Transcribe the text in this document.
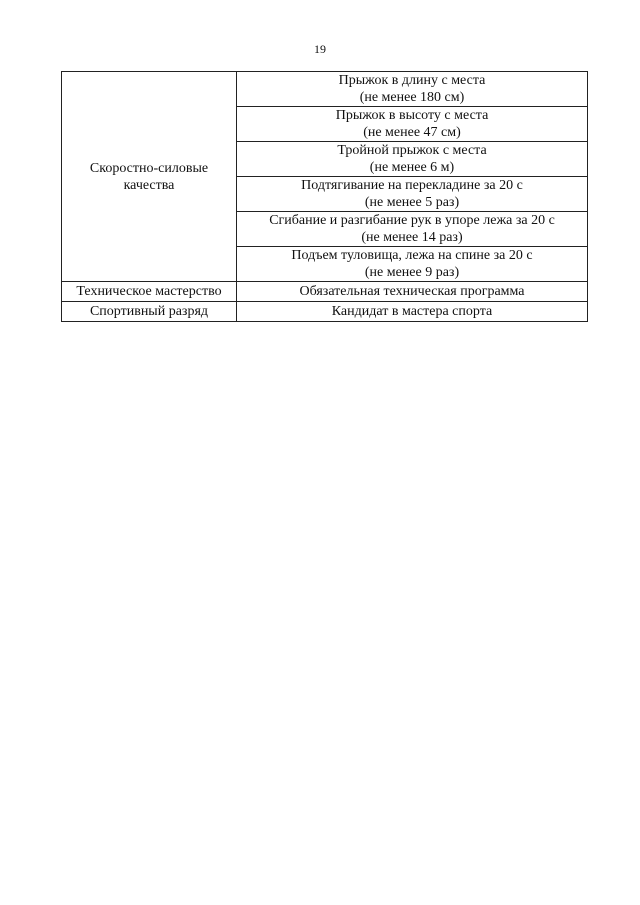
19
Скоростно-силовые
качества	Прыжок в длину с места
(не менее 180 см)

	Прыжок в высоту с места
(не менее 47 см)

	Тройной прыжок с места
(не менее 6 м)

	Подтягивание на перекладине за 20 с
(не менее 5 раз)

	Сгибание и разгибание рук в упоре лежа за 20 с
(не менее 14 раз)

	Подъем туловища, лежа на спине за 20 с
(не менее 9 раз)

Техническое мастерство	Обязательная техническая программа
Спортивный разряд	Кандидат в мастера спорта
